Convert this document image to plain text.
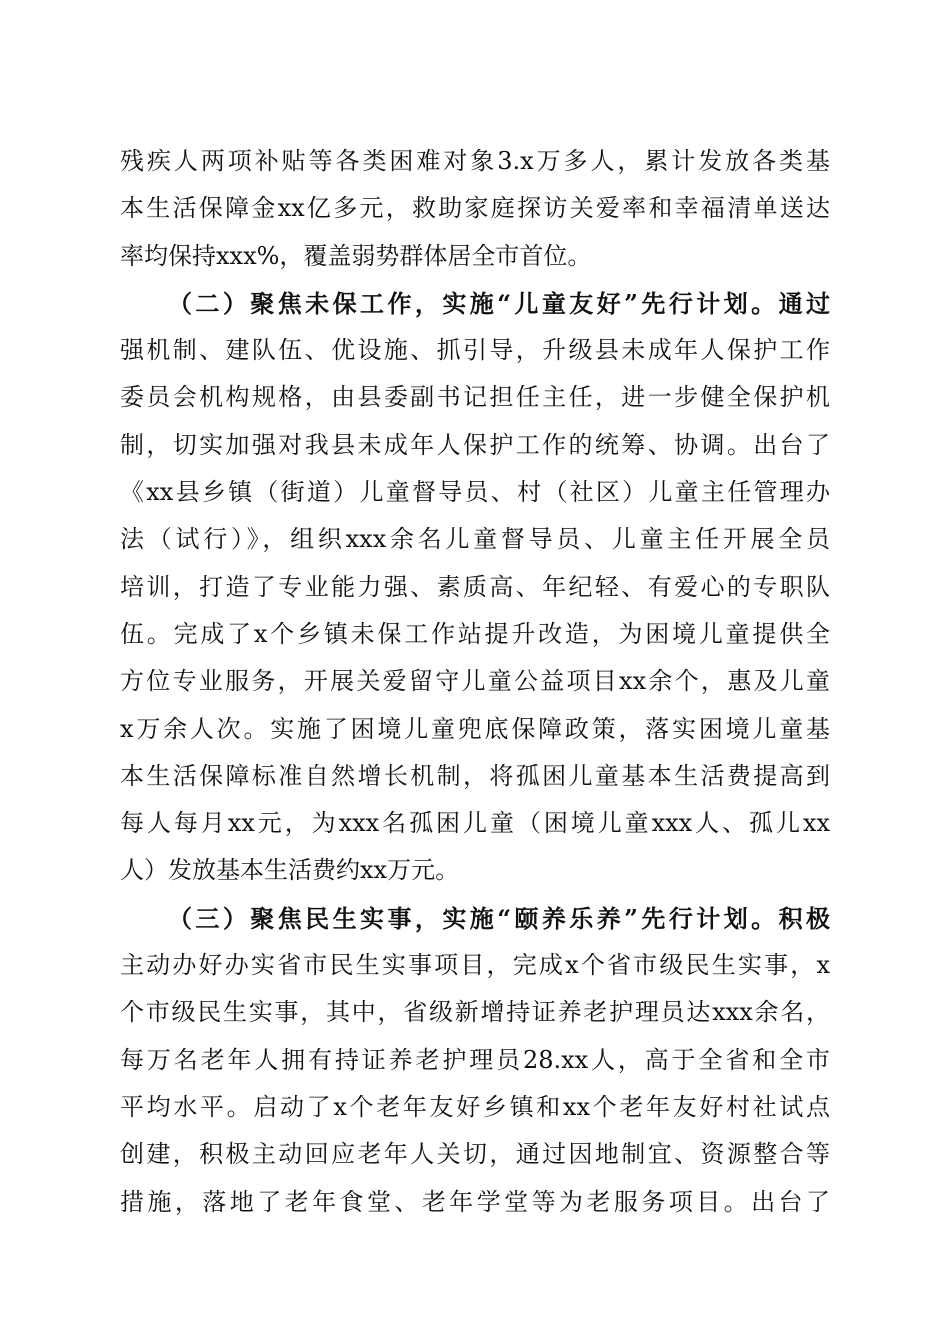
残疾人两项补贴等各类困难对象3.x万多人，累计发放各类基
本生活保障金xx亿多元，救助家庭探访关爱率和幸福清单送达
率均保持xxx%，覆盖弱势群体居全市首位。
（二）聚焦未保工作，实施“儿童友好”先行计划。通过
强机制、建队伍、优设施、抓引导，升级县未成年人保护工作
委员会机构规格，由县委副书记担任主任，进一步健全保护机
制，切实加强对我县未成年人保护工作的统筹、协调。出台了
《xx县乡镇（街道）儿童督导员、村（社区）儿童主任管理办
法（试行）》，组织xxx余名儿童督导员、儿童主任开展全员
培训，打造了专业能力强、素质高、年纪轻、有爱心的专职队
伍。完成了x个乡镇未保工作站提升改造，为困境儿童提供全
方位专业服务，开展关爱留守儿童公益项目xx余个，惠及儿童
x万余人次。实施了困境儿童兜底保障政策，落实困境儿童基
本生活保障标准自然增长机制，将孤困儿童基本生活费提高到
每人每月xx元，为xxx名孤困儿童（困境儿童xxx人、孤儿xx
人）发放基本生活费约xx万元。
（三）聚焦民生实事，实施“颐养乐养”先行计划。积极
主动办好办实省市民生实事项目，完成x个省市级民生实事，x
个市级民生实事，其中，省级新增持证养老护理员达xxx余名，
每万名老年人拥有持证养老护理员28.xx人，高于全省和全市
平均水平。启动了x个老年友好乡镇和xx个老年友好村社试点
创建，积极主动回应老年人关切，通过因地制宜、资源整合等
措施，落地了老年食堂、老年学堂等为老服务项目。出台了
